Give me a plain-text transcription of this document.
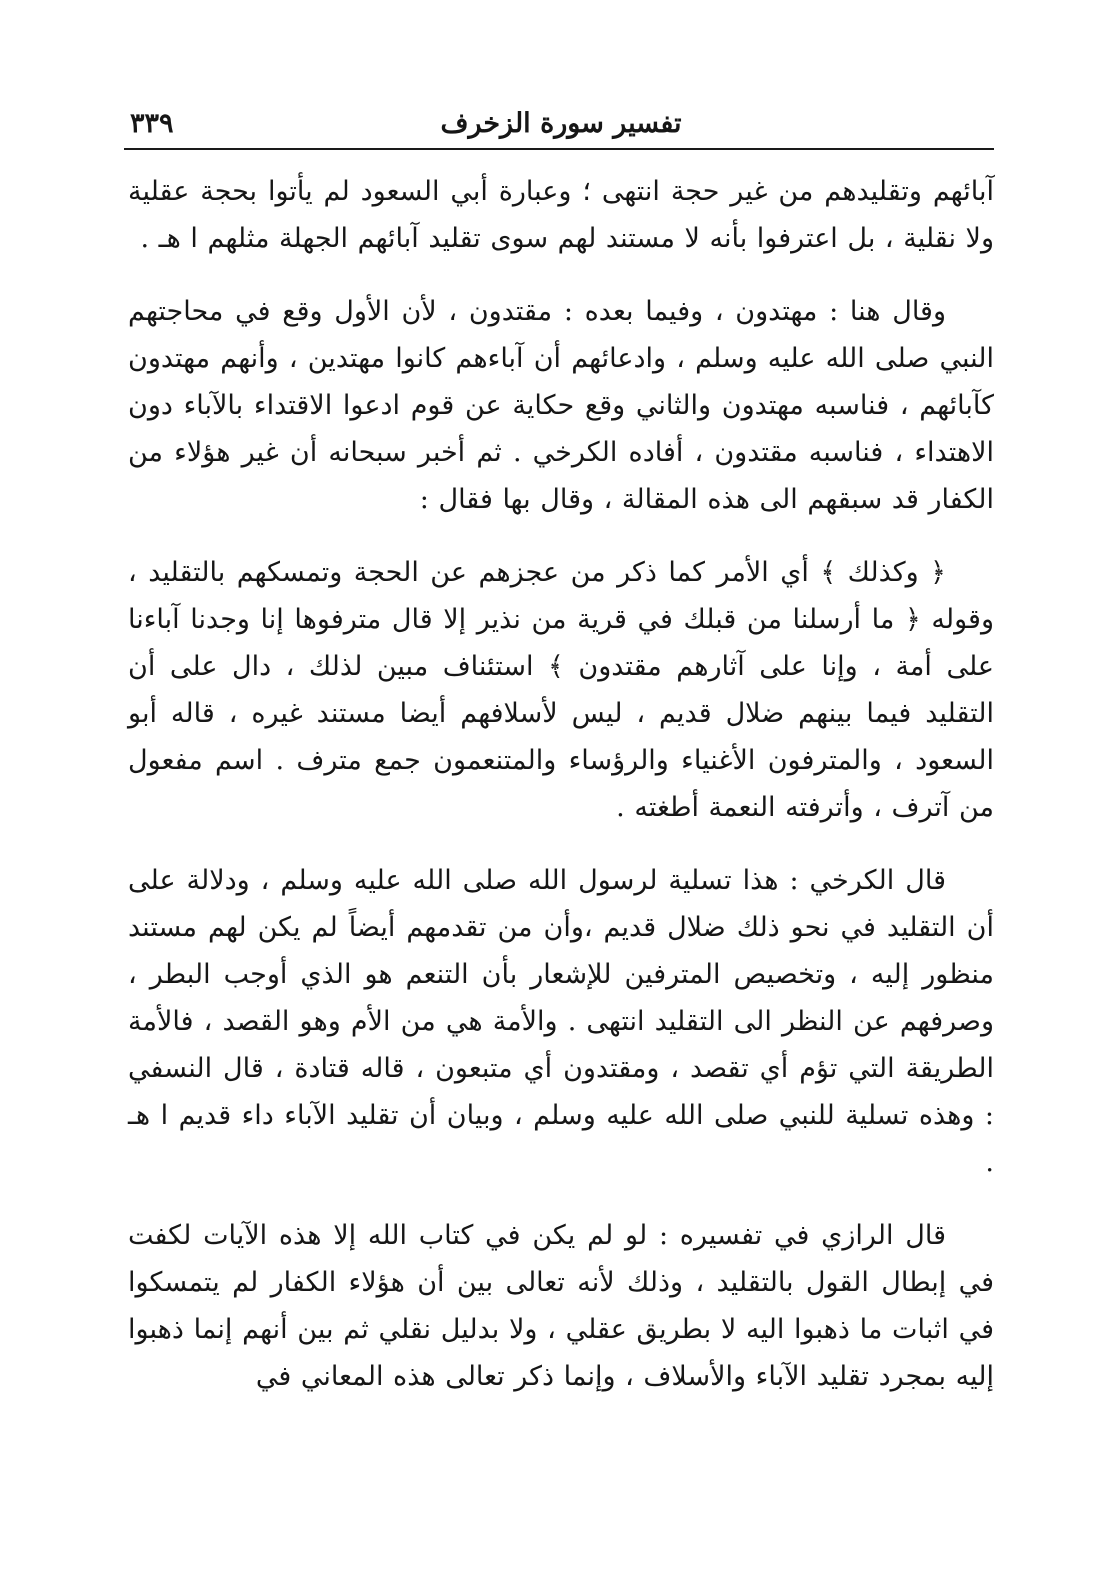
تفسير سورة الزخرف
٣٣٩

آبائهم وتقليدهم من غير حجة انتهى ؛ وعبارة أبي السعود لم يأتوا بحجة عقلية ولا نقلية ، بل اعترفوا بأنه لا مستند لهم سوى تقليد آبائهم الجهلة مثلهم ا هـ .

وقال هنا : مهتدون ، وفيما بعده : مقتدون ، لأن الأول وقع في محاجتهم النبي صلى الله عليه وسلم ، وادعائهم أن آباءهم كانوا مهتدين ، وأنهم مهتدون كآبائهم ، فناسبه مهتدون والثاني وقع حكاية عن قوم ادعوا الاقتداء بالآباء دون الاهتداء ، فناسبه مقتدون ، أفاده الكرخي . ثم أخبر سبحانه أن غير هؤلاء من الكفار قد سبقهم الى هذه المقالة ، وقال بها فقال :

﴿ وكذلك ﴾ أي الأمر كما ذكر من عجزهم عن الحجة وتمسكهم بالتقليد ، وقوله ﴿ ما أرسلنا من قبلك في قرية من نذير إلا قال مترفوها إنا وجدنا آباءنا على أمة ، وإنا على آثارهم مقتدون ﴾ استئناف مبين لذلك ، دال على أن التقليد فيما بينهم ضلال قديم ، ليس لأسلافهم أيضا مستند غيره ، قاله أبو السعود ، والمترفون الأغنياء والرؤساء والمتنعمون جمع مترف . اسم مفعول من آترف ، وأترفته النعمة أطغته .

قال الكرخي : هذا تسلية لرسول الله صلى الله عليه وسلم ، ودلالة على أن التقليد في نحو ذلك ضلال قديم ،وأن من تقدمهم أيضاً لم يكن لهم مستند منظور إليه ، وتخصيص المترفين للإشعار بأن التنعم هو الذي أوجب البطر ، وصرفهم عن النظر الى التقليد انتهى . والأمة هي من الأم وهو القصد ، فالأمة الطريقة التي تؤم أي تقصد ، ومقتدون أي متبعون ، قاله قتادة ، قال النسفي : وهذه تسلية للنبي صلى الله عليه وسلم ، وبيان أن تقليد الآباء داء قديم ا هـ .

قال الرازي في تفسيره : لو لم يكن في كتاب الله إلا هذه الآيات لكفت في إبطال القول بالتقليد ، وذلك لأنه تعالى بين أن هؤلاء الكفار لم يتمسكوا في اثبات ما ذهبوا اليه لا بطريق عقلي ، ولا بدليل نقلي ثم بين أنهم إنما ذهبوا إليه بمجرد تقليد الآباء والأسلاف ، وإنما ذكر تعالى هذه المعاني في
